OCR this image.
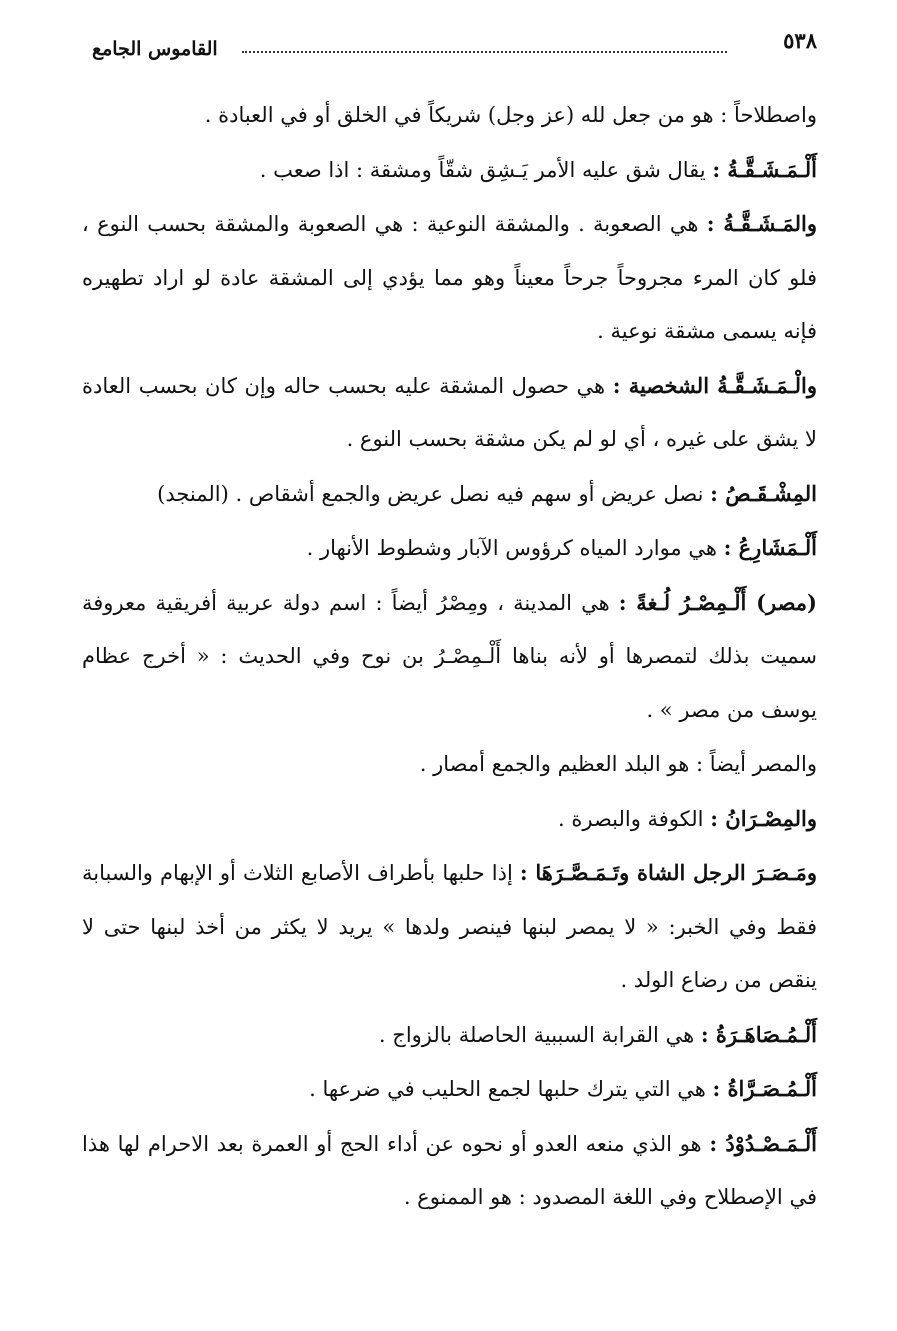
٥٣٨
القاموس الجامع

واصطلاحاً : هو من جعل لله (عز وجل) شريكاً في الخلق أو في العبادة .

أَلْـمَـشَـقَّـةُ : يقال شق عليه الأمر يَـشِق شقّاً ومشقة : اذا صعب .

والمَـشَـقَّـةُ : هي الصعوبة . والمشقة النوعية : هي الصعوبة والمشقة بحسب النوع ، فلو كان المرء مجروحاً جرحاً معيناً وهو مما يؤدي إلى المشقة عادة لو اراد تطهيره فإنه يسمى مشقة نوعية .

والْـمَـشَـقَّـةُ الشخصية : هي حصول المشقة عليه بحسب حاله وإن كان بحسب العادة لا يشق على غيره ، أي لو لم يكن مشقة بحسب النوع .

المِشْـقَـصُ : نصل عريض أو سهم فيه نصل عريض والجمع أشقاص . (المنجد)

أَلْـمَشَارِعُ : هي موارد المياه كرؤوس الآبار وشطوط الأنهار .

(مصر) أَلْـمِصْـرُ لُـغةً : هي المدينة ، ومِصْرُ أيضاً : اسم دولة عربية أفريقية معروفة سميت بذلك لتمصرها أو لأنه بناها أَلْـمِصْـرُ بن نوح وفي الحديث : « أخرج عظام يوسف من مصر » .

والمصر أيضاً : هو البلد العظيم والجمع أمصار .

والمِصْـرَانُ : الكوفة والبصرة .

ومَـصَـرَ الرجل الشاة وتَـمَـصَّـرَهَا : إذا حلبها بأطراف الأصابع الثلاث أو الإبهام والسبابة فقط وفي الخبر: « لا يمصر لبنها فينصر ولدها » يريد لا يكثر من أخذ لبنها حتى لا ينقص من رضاع الولد .

أَلْـمُـصَاهَـرَةُ : هي القرابة السببية الحاصلة بالزواج .

أَلْـمُـصَـرَّاةُ : هي التي يترك حلبها لجمع الحليب في ضرعها .

أَلْـمَـصْـدُوْدُ : هو الذي منعه العدو أو نحوه عن أداء الحج أو العمرة بعد الاحرام لها هذا في الإصطلاح وفي اللغة المصدود : هو الممنوع .
